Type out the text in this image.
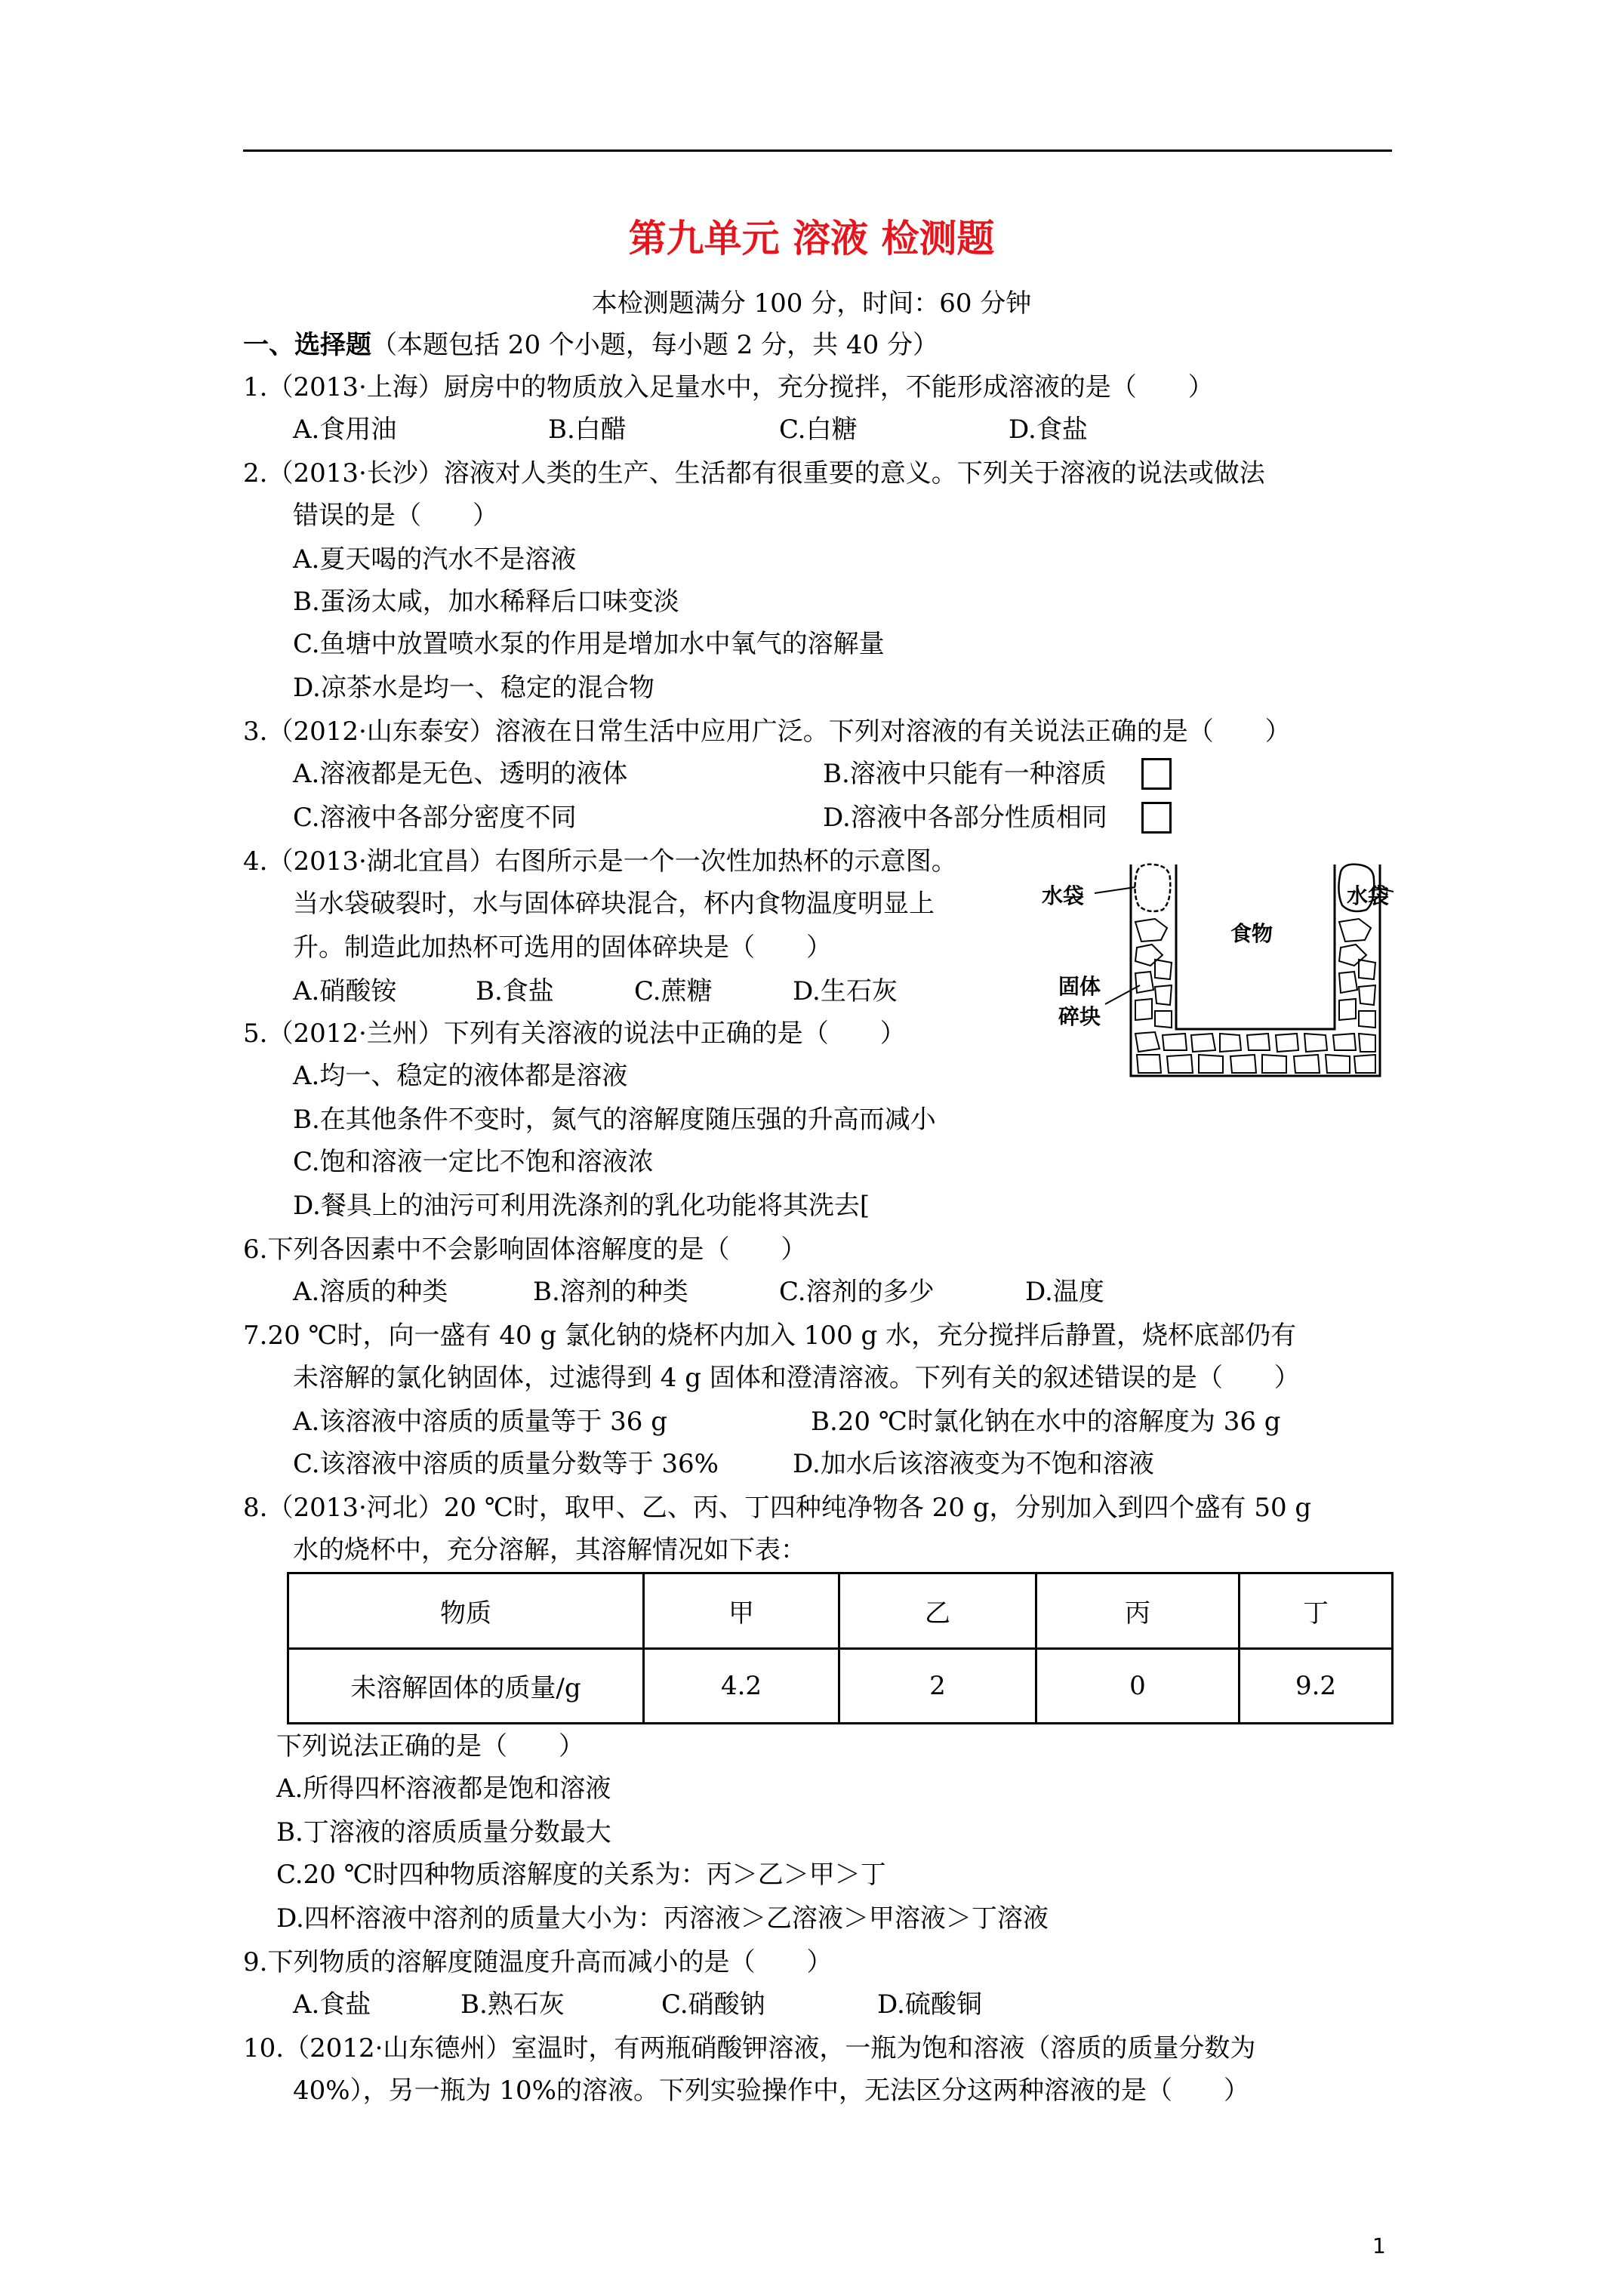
第九单元 溶液 检测题
本检测题满分 100 分，时间：60 分钟
一、选择题（本题包括 20 个小题，每小题 2 分，共 40 分）
1.（2013·上海）厨房中的物质放入足量水中，充分搅拌，不能形成溶液的是（　　）
A.食用油	B.白醋	C.白糖	D.食盐
2.（2013·长沙）溶液对人类的生产、生活都有很重要的意义。下列关于溶液的说法或做法
错误的是（　　）
A.夏天喝的汽水不是溶液
B.蛋汤太咸，加水稀释后口味变淡
C.鱼塘中放置喷水泵的作用是增加水中氧气的溶解量
D.凉茶水是均一、稳定的混合物
3.（2012·山东泰安）溶液在日常生活中应用广泛。下列对溶液的有关说法正确的是（　　）
A.溶液都是无色、透明的液体	B.溶液中只能有一种溶质
C.溶液中各部分密度不同	D.溶液中各部分性质相同
4.（2013·湖北宜昌）右图所示是一个一次性加热杯的示意图。
当水袋破裂时，水与固体碎块混合，杯内食物温度明显上
升。制造此加热杯可选用的固体碎块是（　　）
A.硝酸铵	B.食盐	C.蔗糖	D.生石灰
水袋	水袋
食物
固体
碎块
5.（2012·兰州）下列有关溶液的说法中正确的是（　　）
A.均一、稳定的液体都是溶液
B.在其他条件不变时，氮气的溶解度随压强的升高而减小
C.饱和溶液一定比不饱和溶液浓
D.餐具上的油污可利用洗涤剂的乳化功能将其洗去[
6.下列各因素中不会影响固体溶解度的是（　　）
A.溶质的种类	B.溶剂的种类	C.溶剂的多少	D.温度
7.20 ℃时，向一盛有 40 g 氯化钠的烧杯内加入 100 g 水，充分搅拌后静置，烧杯底部仍有
未溶解的氯化钠固体，过滤得到 4 g 固体和澄清溶液。下列有关的叙述错误的是（　　）
A.该溶液中溶质的质量等于 36 g	B.20 ℃时氯化钠在水中的溶解度为 36 g
C.该溶液中溶质的质量分数等于 36%	D.加水后该溶液变为不饱和溶液
8.（2013·河北）20 ℃时，取甲、乙、丙、丁四种纯净物各 20 g，分别加入到四个盛有 50 g
水的烧杯中，充分溶解，其溶解情况如下表：
物质	甲	乙	丙	丁
未溶解固体的质量/g	4.2	2	0	9.2
下列说法正确的是（　　）
A.所得四杯溶液都是饱和溶液
B.丁溶液的溶质质量分数最大
C.20 ℃时四种物质溶解度的关系为：丙＞乙＞甲＞丁
D.四杯溶液中溶剂的质量大小为：丙溶液＞乙溶液＞甲溶液＞丁溶液
9.下列物质的溶解度随温度升高而减小的是（　　）
A.食盐	B.熟石灰	C.硝酸钠	D.硫酸铜
10.（2012·山东德州）室温时，有两瓶硝酸钾溶液，一瓶为饱和溶液（溶质的质量分数为
40%），另一瓶为 10%的溶液。下列实验操作中，无法区分这两种溶液的是（　　）
1
